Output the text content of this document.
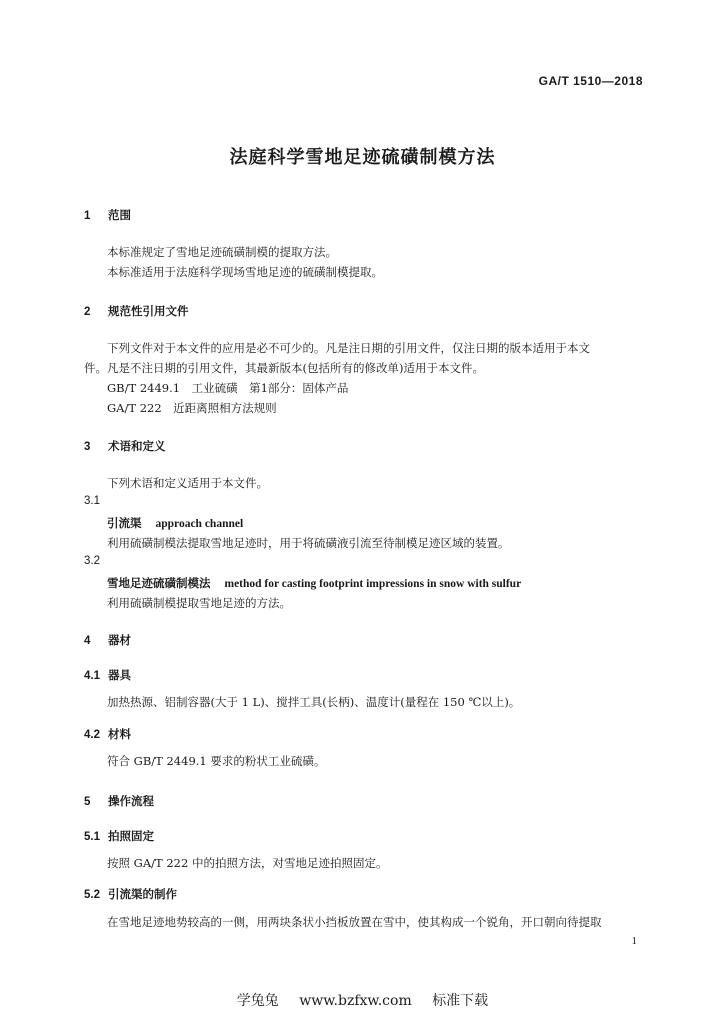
GA/T 1510—2018
法庭科学雪地足迹硫磺制模方法
1 范围
本标准规定了雪地足迹硫磺制模的提取方法。
本标准适用于法庭科学现场雪地足迹的硫磺制模提取。
2 规范性引用文件
下列文件对于本文件的应用是必不可少的。凡是注日期的引用文件，仅注日期的版本适用于本文
件。凡是不注日期的引用文件，其最新版本(包括所有的修改单)适用于本文件。
GB/T 2449.1　工业硫磺　第1部分：固体产品
GA/T 222　近距离照相方法规则
3 术语和定义
下列术语和定义适用于本文件。
3.1
引流渠 approach channel
利用硫磺制模法提取雪地足迹时，用于将硫磺液引流至待制模足迹区域的装置。
3.2
雪地足迹硫磺制模法 method for casting footprint impressions in snow with sulfur
利用硫磺制模提取雪地足迹的方法。
4 器材
4.1 器具
加热热源、铝制容器(大于 1 L)、搅拌工具(长柄)、温度计(量程在 150 ℃以上)。
4.2 材料
符合 GB/T 2449.1 要求的粉状工业硫磺。
5 操作流程
5.1 拍照固定
按照 GA/T 222 中的拍照方法，对雪地足迹拍照固定。
5.2 引流渠的制作
在雪地足迹地势较高的一侧，用两块条状小挡板放置在雪中，使其构成一个锐角，开口朝向待提取
1
学兔兔 www.bzfxw.com 标准下载
